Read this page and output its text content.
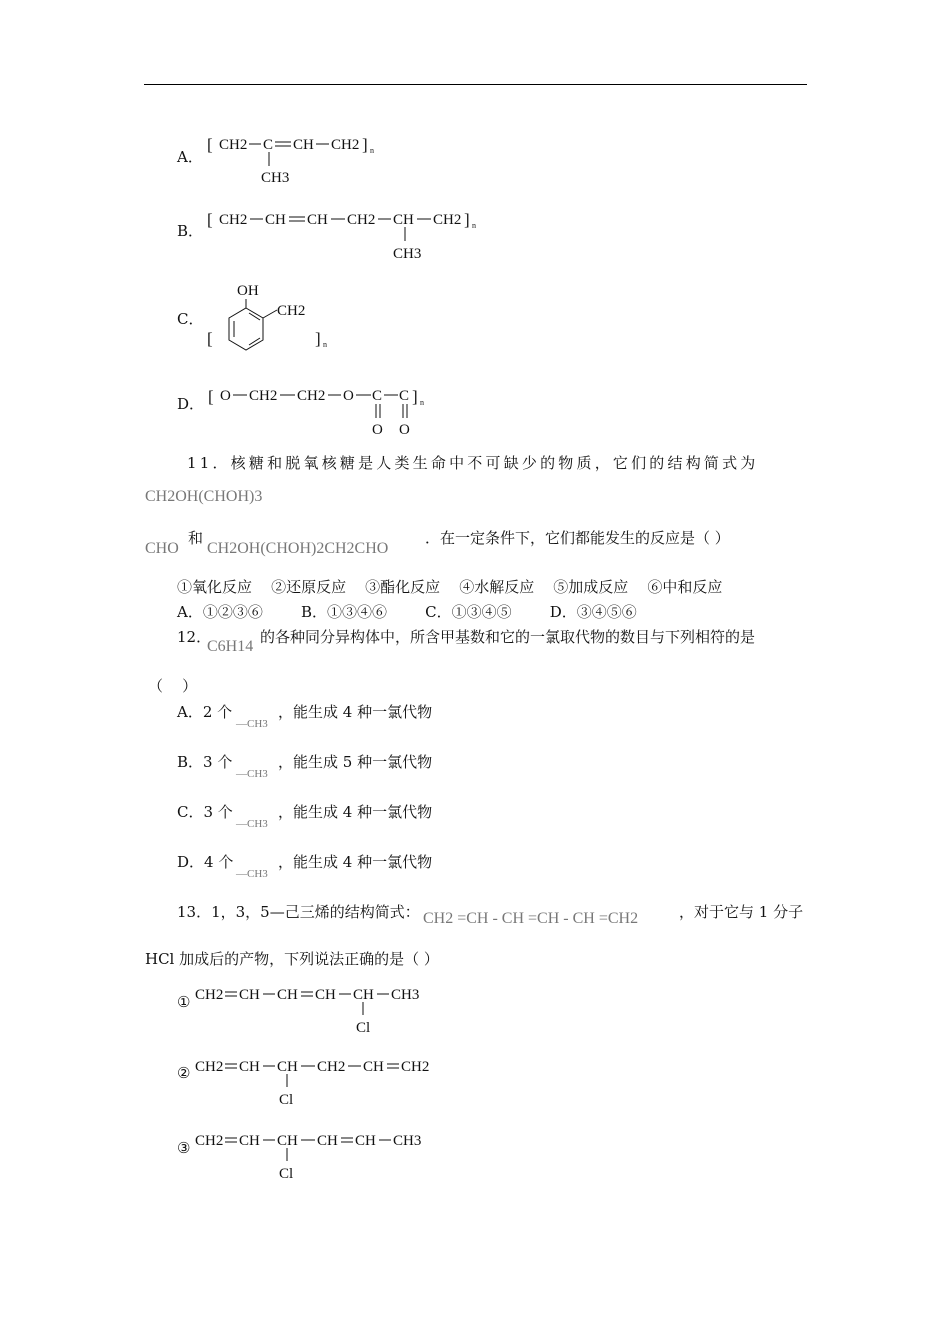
A．
[ CH2 C CH CH2 ] n
CH3
B．
[ CH2 CH CH CH2 CH CH2 ] n
CH3
C．
[
OH
CH2
] n
D． [ O CH2 CH2 O C C ] n
O O
11．核糖和脱氧核糖是人类生命中不可缺少的物质，它们的结构简式为
CH2OH(CHOH)3
CHO
和
CH2OH(CHOH)2CH2CHO
．在一定条件下，它们都能发生的反应是（ ）
①氧化反应    ②还原反应    ③酯化反应    ④水解反应    ⑤加成反应    ⑥中和反应
A．①②③⑥        B．①③④⑥        C．①③④⑤        D．③④⑤⑥
12．
C6H14
的各种同分异构体中，所含甲基数和它的一氯取代物的数目与下列相符的是
（    ）
A．2 个
—CH3
，能生成 4 种一氯代物
B．3 个
—CH3
，能生成 5 种一氯代物
C．3 个
—CH3
，能生成 4 种一氯代物
D．4 个
—CH3
，能生成 4 种一氯代物
13．1，3，5—己三烯的结构简式： CH2 =CH - CH =CH - CH =CH2	，对于它与 1 分子
HCl 加成后的产物，下列说法正确的是（ ）
① CH2 CH CH CH CH CH3
Cl
② CH2 CH CH CH2 CH CH2
Cl
③ CH2 CH CH CH CH CH3
Cl
